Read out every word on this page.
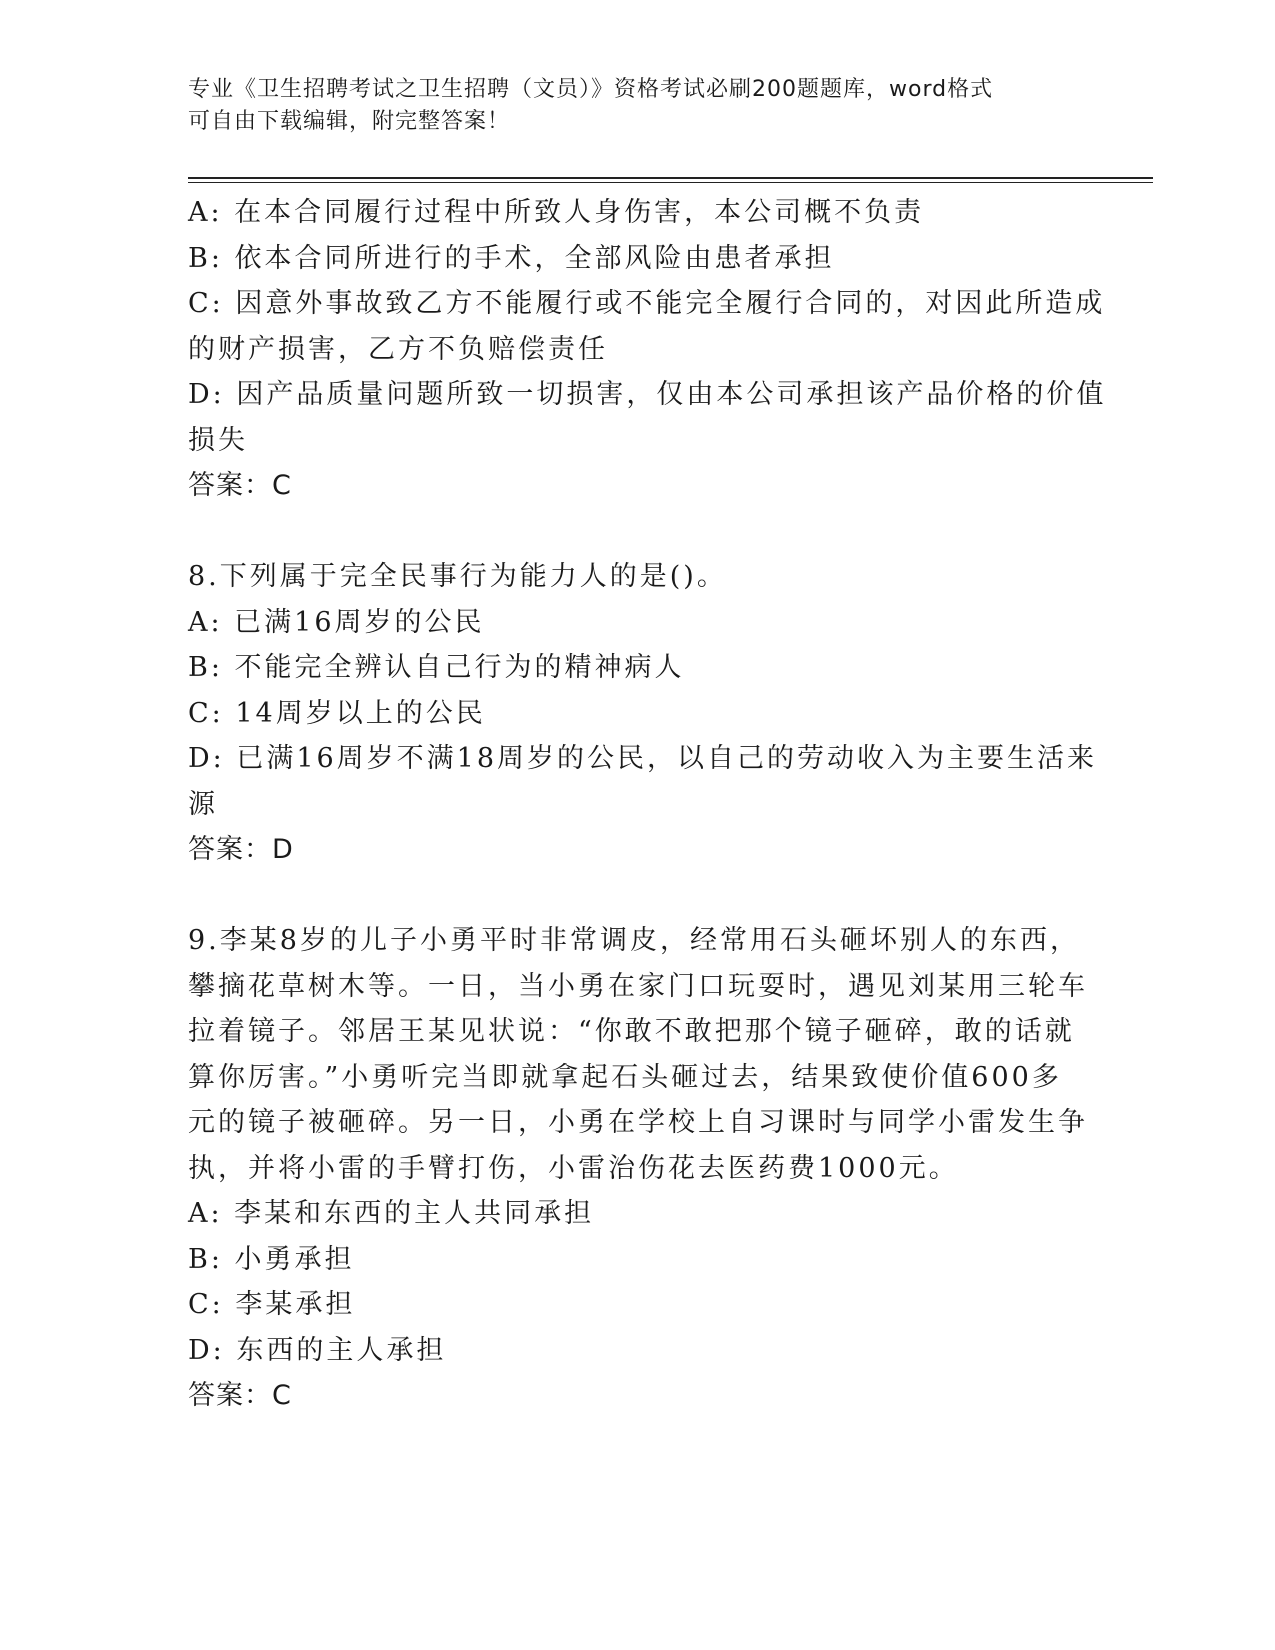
专业《卫生招聘考试之卫生招聘（文员）》资格考试必刷200题题库，word格式
可自由下载编辑，附完整答案！
A: 在本合同履行过程中所致人身伤害，本公司概不负责
B: 依本合同所进行的手术，全部风险由患者承担
C: 因意外事故致乙方不能履行或不能完全履行合同的，对因此所造成
的财产损害，乙方不负赔偿责任
D: 因产品质量问题所致一切损害，仅由本公司承担该产品价格的价值
损失
答案：C
8.下列属于完全民事行为能力人的是()。
A: 已满16周岁的公民
B: 不能完全辨认自己行为的精神病人
C: 14周岁以上的公民
D: 已满16周岁不满18周岁的公民，以自己的劳动收入为主要生活来
源
答案：D
9.李某8岁的儿子小勇平时非常调皮，经常用石头砸坏别人的东西，
攀摘花草树木等。一日，当小勇在家门口玩耍时，遇见刘某用三轮车
拉着镜子。邻居王某见状说：“你敢不敢把那个镜子砸碎，敢的话就
算你厉害。”小勇听完当即就拿起石头砸过去，结果致使价值600多
元的镜子被砸碎。另一日，小勇在学校上自习课时与同学小雷发生争
执，并将小雷的手臂打伤，小雷治伤花去医药费1000元。
A: 李某和东西的主人共同承担
B: 小勇承担
C: 李某承担
D: 东西的主人承担
答案：C
